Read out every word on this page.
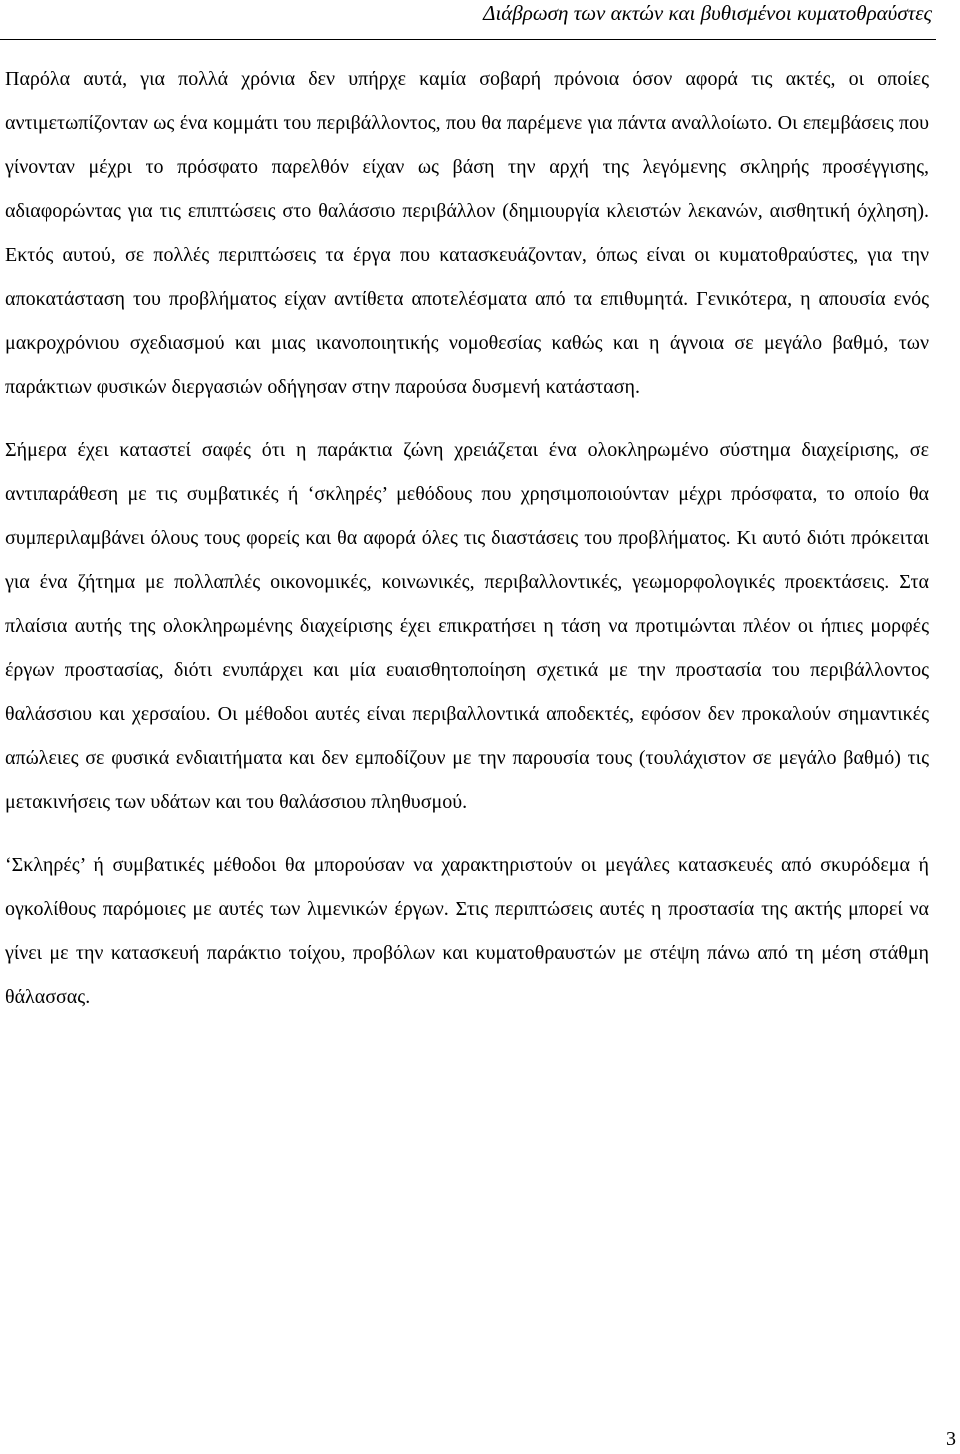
Διάβρωση των ακτών και βυθισμένοι κυματοθραύστες

Παρόλα αυτά, για πολλά χρόνια δεν υπήρχε καμία σοβαρή πρόνοια όσον αφορά τις ακτές, οι οποίες αντιμετωπίζονταν ως ένα κομμάτι του περιβάλλοντος, που θα παρέμενε για πάντα αναλλοίωτο. Οι επεμβάσεις που γίνονταν μέχρι το πρόσφατο παρελθόν είχαν ως βάση την αρχή της λεγόμενης σκληρής προσέγγισης, αδιαφορώντας για τις επιπτώσεις στο θαλάσσιο περιβάλλον (δημιουργία κλειστών λεκανών, αισθητική όχληση). Εκτός αυτού, σε πολλές περιπτώσεις τα έργα που κατασκευάζονταν, όπως είναι οι κυματοθραύστες, για την αποκατάσταση του προβλήματος είχαν αντίθετα αποτελέσματα από τα επιθυμητά. Γενικότερα, η απουσία ενός μακροχρόνιου σχεδιασμού και μιας ικανοποιητικής νομοθεσίας καθώς και η άγνοια σε μεγάλο βαθμό, των παράκτιων φυσικών διεργασιών οδήγησαν στην παρούσα δυσμενή κατάσταση.

Σήμερα έχει καταστεί σαφές ότι η παράκτια ζώνη χρειάζεται ένα ολοκληρωμένο σύστημα διαχείρισης, σε αντιπαράθεση με τις συμβατικές ή ‘σκληρές’ μεθόδους που χρησιμοποιούνταν μέχρι πρόσφατα, το οποίο θα συμπεριλαμβάνει όλους τους φορείς και θα αφορά όλες τις διαστάσεις του προβλήματος. Κι αυτό διότι πρόκειται για ένα ζήτημα με πολλαπλές οικονομικές, κοινωνικές, περιβαλλοντικές, γεωμορφολογικές προεκτάσεις. Στα πλαίσια αυτής της ολοκληρωμένης διαχείρισης έχει επικρατήσει η τάση να προτιμώνται πλέον οι ήπιες μορφές έργων προστασίας, διότι ενυπάρχει και μία ευαισθητοποίηση σχετικά με την προστασία του περιβάλλοντος θαλάσσιου και χερσαίου. Οι μέθοδοι αυτές είναι περιβαλλοντικά αποδεκτές, εφόσον δεν προκαλούν σημαντικές απώλειες σε φυσικά ενδιαιτήματα και δεν εμποδίζουν με την παρουσία τους (τουλάχιστον σε μεγάλο βαθμό) τις μετακινήσεις των υδάτων και του θαλάσσιου πληθυσμού.

‘Σκληρές’ ή συμβατικές μέθοδοι θα μπορούσαν να χαρακτηριστούν οι μεγάλες κατασκευές από σκυρόδεμα ή ογκολίθους παρόμοιες με αυτές των λιμενικών έργων. Στις περιπτώσεις αυτές η προστασία της ακτής μπορεί να γίνει με την κατασκευή παράκτιο τοίχου, προβόλων και κυματοθραυστών με στέψη πάνω από τη μέση στάθμη θάλασσας.

3
